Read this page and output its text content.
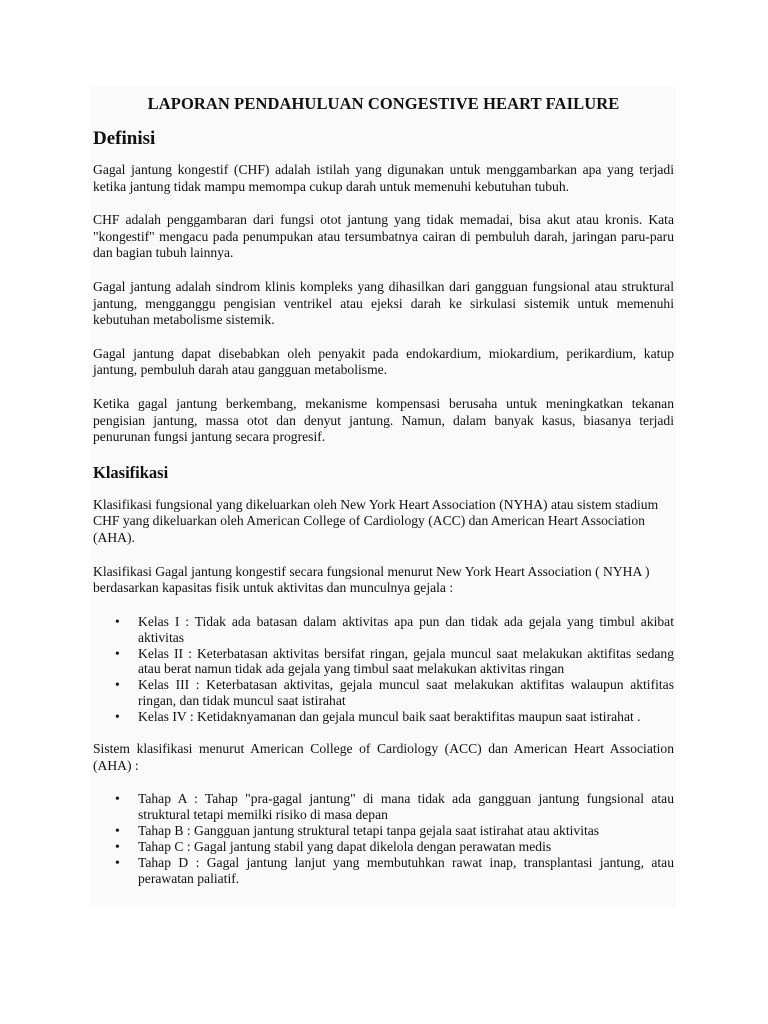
LAPORAN PENDAHULUAN CONGESTIVE HEART FAILURE
Definisi

Gagal jantung kongestif (CHF) adalah istilah yang digunakan untuk menggambarkan apa yang terjadi ketika jantung tidak mampu memompa cukup darah untuk memenuhi kebutuhan tubuh.

CHF adalah penggambaran dari fungsi otot jantung yang tidak memadai, bisa akut atau kronis. Kata "kongestif" mengacu pada penumpukan atau tersumbatnya cairan di pembuluh darah, jaringan paru-paru dan bagian tubuh lainnya.

Gagal jantung adalah sindrom klinis kompleks yang dihasilkan dari gangguan fungsional atau struktural jantung, mengganggu pengisian ventrikel atau ejeksi darah ke sirkulasi sistemik untuk memenuhi kebutuhan metabolisme sistemik.

Gagal jantung dapat disebabkan oleh penyakit pada endokardium, miokardium, perikardium, katup jantung, pembuluh darah atau gangguan metabolisme.

Ketika gagal jantung berkembang, mekanisme kompensasi berusaha untuk meningkatkan tekanan pengisian jantung, massa otot dan denyut jantung. Namun, dalam banyak kasus, biasanya terjadi penurunan fungsi jantung secara progresif.

Klasifikasi

Klasifikasi fungsional yang dikeluarkan oleh New York Heart Association (NYHA) atau sistem stadium CHF yang dikeluarkan oleh American College of Cardiology (ACC) dan American Heart Association (AHA).

Klasifikasi Gagal jantung kongestif secara fungsional menurut New York Heart Association ( NYHA ) berdasarkan kapasitas fisik untuk aktivitas dan munculnya gejala :

• Kelas I : Tidak ada batasan dalam aktivitas apa pun dan tidak ada gejala yang timbul akibat aktivitas
• Kelas II : Keterbatasan aktivitas bersifat ringan, gejala muncul saat melakukan aktifitas sedang atau berat namun tidak ada gejala yang timbul saat melakukan aktivitas ringan
• Kelas III : Keterbatasan aktivitas, gejala muncul saat melakukan aktifitas walaupun aktifitas ringan, dan tidak muncul saat istirahat
• Kelas IV : Ketidaknyamanan dan gejala muncul baik saat beraktifitas maupun saat istirahat .

Sistem klasifikasi menurut American College of Cardiology (ACC) dan American Heart Association (AHA) :

• Tahap A : Tahap "pra-gagal jantung" di mana tidak ada gangguan jantung fungsional atau struktural tetapi memilki risiko di masa depan
• Tahap B : Gangguan jantung struktural tetapi tanpa gejala saat istirahat atau aktivitas
• Tahap C : Gagal jantung stabil yang dapat dikelola dengan perawatan medis
• Tahap D : Gagal jantung lanjut yang membutuhkan rawat inap, transplantasi jantung, atau perawatan paliatif.
